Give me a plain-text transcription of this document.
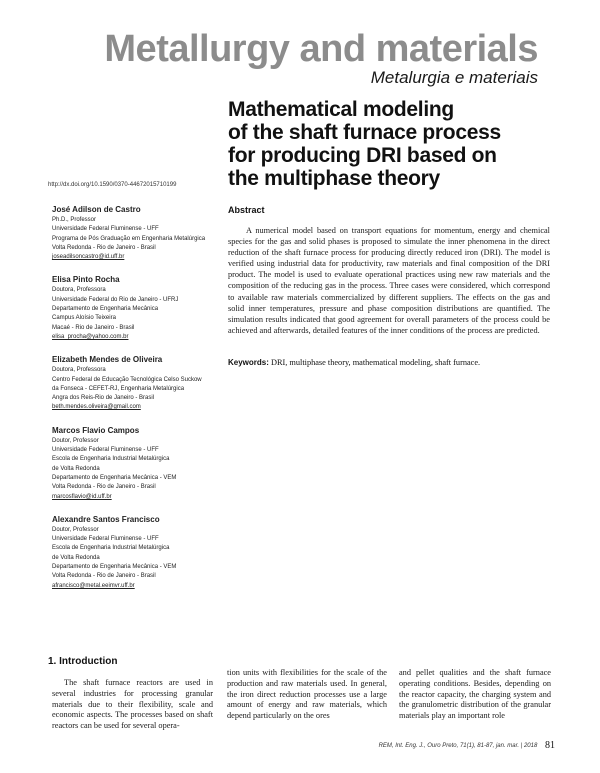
Metallurgy and materials
Metalurgia e materiais
Mathematical modeling
of the shaft furnace process
for producing DRI based on
the multiphase theory
http://dx.doi.org/10.1590/0370-44672015710199
José Adilson de Castro
Ph.D., Professor
Universidade Federal Fluminense - UFF
Programa de Pós Graduação em Engenharia Metalúrgica
Volta Redonda - Rio de Janeiro - Brasil
joseadilsoncastro@id.uff.br
Elisa Pinto Rocha
Doutora, Professora
Universidade Federal do Rio de Janeiro - UFRJ
Departamento de Engenharia Mecânica
Campus Aloísio Teixeira
Macaé - Rio de Janeiro - Brasil
elisa_procha@yahoo.com.br
Elizabeth Mendes de Oliveira
Doutora, Professora
Centro Federal de Educação Tecnológica Celso Suckow
da Fonseca - CEFET-RJ, Engenharia Metalúrgica
Angra dos Reis-Rio de Janeiro - Brasil
beth.mendes.oliveira@gmail.com
Marcos Flavio Campos
Doutor, Professor
Universidade Federal Fluminense - UFF
Escola de Engenharia Industrial Metalúrgica
de Volta Redonda
Departamento de Engenharia Mecânica - VEM
Volta Redonda - Rio de Janeiro - Brasil
marcosflavio@id.uff.br
Alexandre Santos Francisco
Doutor, Professor
Universidade Federal Fluminense - UFF
Escola de Engenharia Industrial Metalúrgica
de Volta Redonda
Departamento de Engenharia Mecânica - VEM
Volta Redonda - Rio de Janeiro - Brasil
afrancisco@metal.eeimvr.uff.br
Abstract

A numerical model based on transport equations for momentum, energy and chemical species for the gas and solid phases is proposed to simulate the inner phenomena in the direct reduction of the shaft furnace process for producing directly reduced iron (DRI). The model is verified using industrial data for productivity, raw materials and final composition of the DRI product. The model is used to evaluate operational practices using new raw materials and the composition of the reducing gas in the process. Three cases were considered, which correspond to available raw materials commercialized by different suppliers. The effects on the gas and solid inner temperatures, pressure and phase composition distributions are quantified. The simulation results indicated that good agreement for overall parameters of the process could be achieved and afterwards, detailed features of the inner conditions of the process are predicted.

Keywords: DRI, multiphase theory, mathematical modeling, shaft furnace.
1. Introduction

The shaft furnace reactors are used in several industries for processing granular materials due to their flexibility, scale and economic aspects. The processes based on shaft reactors can be used for several opera-

tion units with flexibilities for the scale of the production and raw materials used. In general, the iron direct reduction processes use a large amount of energy and raw materials, which depend particularly on the ores

and pellet qualities and the shaft furnace operating conditions. Besides, depending on the reactor capacity, the charging system and the granulometric distribution of the granular materials play an important role

REM, Int. Eng. J., Ouro Preto, 71(1), 81-87, jan. mar. | 2018 81
